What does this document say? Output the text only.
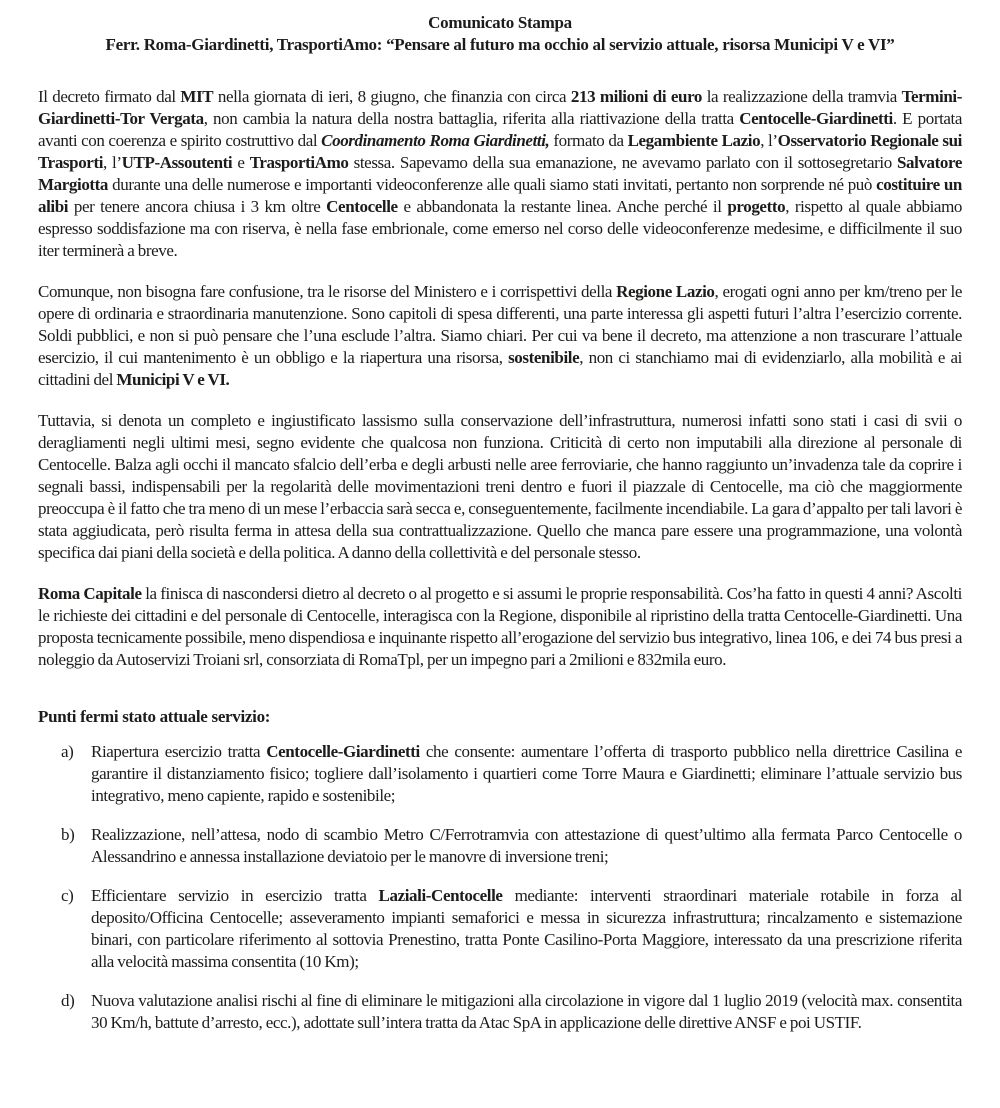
Comunicato Stampa
Ferr. Roma-Giardinetti, TrasportiAmo: “Pensare al futuro ma occhio al servizio attuale, risorsa Municipi V e VI”

Il decreto firmato dal MIT nella giornata di ieri, 8 giugno, che finanzia con circa 213 milioni di euro la realizzazione della tramvia Termini-Giardinetti-Tor Vergata, non cambia la natura della nostra battaglia, riferita alla riattivazione della tratta Centocelle-Giardinetti. E portata avanti con coerenza e spirito costruttivo dal Coordinamento Roma Giardinetti, formato da Legambiente Lazio, l’Osservatorio Regionale sui Trasporti, l’UTP-Assoutenti e TrasportiAmo stessa. Sapevamo della sua emanazione, ne avevamo parlato con il sottosegretario Salvatore Margiotta durante una delle numerose e importanti videoconferenze alle quali siamo stati invitati, pertanto non sorprende né può costituire un alibi per tenere ancora chiusa i 3 km oltre Centocelle e abbandonata la restante linea. Anche perché il progetto, rispetto al quale abbiamo espresso soddisfazione ma con riserva, è nella fase embrionale, come emerso nel corso delle videoconferenze medesime, e difficilmente il suo iter terminerà a breve.

Comunque, non bisogna fare confusione, tra le risorse del Ministero e i corrispettivi della Regione Lazio, erogati ogni anno per km/treno per le opere di ordinaria e straordinaria manutenzione. Sono capitoli di spesa differenti, una parte interessa gli aspetti futuri l’altra l’esercizio corrente. Soldi pubblici, e non si può pensare che l’una esclude l’altra. Siamo chiari. Per cui va bene il decreto, ma attenzione a non trascurare l’attuale esercizio, il cui mantenimento è un obbligo e la riapertura una risorsa, sostenibile, non ci stanchiamo mai di evidenziarlo, alla mobilità e ai cittadini del Municipi V e VI.

Tuttavia, si denota un completo e ingiustificato lassismo sulla conservazione dell’infrastruttura, numerosi infatti sono stati i casi di svii o deragliamenti negli ultimi mesi, segno evidente che qualcosa non funziona. Criticità di certo non imputabili alla direzione al personale di Centocelle. Balza agli occhi il mancato sfalcio dell’erba e degli arbusti nelle aree ferroviarie, che hanno raggiunto un’invadenza tale da coprire i segnali bassi, indispensabili per la regolarità delle movimentazioni treni dentro e fuori il piazzale di Centocelle, ma ciò che maggiormente preoccupa è il fatto che tra meno di un mese l’erbaccia sarà secca e, conseguentemente, facilmente incendiabile. La gara d’appalto per tali lavori è stata aggiudicata, però risulta ferma in attesa della sua contrattualizzazione. Quello che manca pare essere una programmazione, una volontà specifica dai piani della società e della politica. A danno della collettività e del personale stesso.

Roma Capitale la finisca di nascondersi dietro al decreto o al progetto e si assumi le proprie responsabilità. Cos’ha fatto in questi 4 anni? Ascolti le richieste dei cittadini e del personale di Centocelle, interagisca con la Regione, disponibile al ripristino della tratta Centocelle-Giardinetti. Una proposta tecnicamente possibile, meno dispendiosa e inquinante rispetto all’erogazione del servizio bus integrativo, linea 106, e dei 74 bus presi a noleggio da Autoservizi Troiani srl, consorziata di RomaTpl, per un impegno pari a 2milioni e 832mila euro.

Punti fermi stato attuale servizio:

a) Riapertura esercizio tratta Centocelle-Giardinetti che consente: aumentare l’offerta di trasporto pubblico nella direttrice Casilina e garantire il distanziamento fisico; togliere dall’isolamento i quartieri come Torre Maura e Giardinetti; eliminare l’attuale servizio bus integrativo, meno capiente, rapido e sostenibile;
b) Realizzazione, nell’attesa, nodo di scambio Metro C/Ferrotramvia con attestazione di quest’ultimo alla fermata Parco Centocelle o Alessandrino e annessa installazione deviatoio per le manovre di inversione treni;
c) Efficientare servizio in esercizio tratta Laziali-Centocelle mediante: interventi straordinari materiale rotabile in forza al deposito/Officina Centocelle; asseveramento impianti semaforici e messa in sicurezza infrastruttura; rincalzamento e sistemazione binari, con particolare riferimento al sottovia Prenestino, tratta Ponte Casilino-Porta Maggiore, interessato da una prescrizione riferita alla velocità massima consentita (10 Km);
d) Nuova valutazione analisi rischi al fine di eliminare le mitigazioni alla circolazione in vigore dal 1 luglio 2019 (velocità max. consentita 30 Km/h, battute d’arresto, ecc.), adottate sull’intera tratta da Atac SpA in applicazione delle direttive ANSF e poi USTIF.
